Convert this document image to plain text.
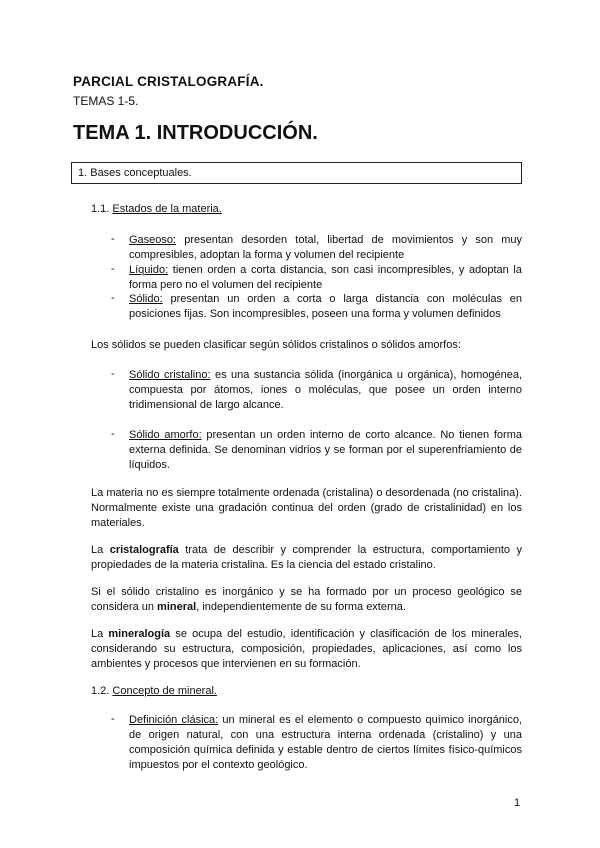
PARCIAL CRISTALOGRAFÍA.

TEMAS 1-5.

TEMA 1. INTRODUCCIÓN.
1. Bases conceptuales.

1.1. Estados de la materia.

- Gaseoso: presentan desorden total, libertad de movimientos y son muy compresibles, adoptan la forma y volumen del recipiente

- Líquido: tienen orden a corta distancia, son casi incompresibles, y adoptan la forma pero no el volumen del recipiente

- Sólido: presentan un orden a corta o larga distancia con moléculas en posiciones fijas. Son incompresibles, poseen una forma y volumen definidos

Los sólidos se pueden clasificar según sólidos cristalinos o sólidos amorfos:

- Sólido cristalino: es una sustancia sólida (inorgánica u orgánica), homogénea, compuesta por átomos, iones o moléculas, que posee un orden interno tridimensional de largo alcance.

- Sólido amorfo: presentan un orden interno de corto alcance. No tienen forma externa definida. Se denominan vidrios y se forman por el superenfriamiento de líquidos.

La materia no es siempre totalmente ordenada (cristalina) o desordenada (no cristalina). Normalmente existe una gradación continua del orden (grado de cristalinidad) en los materiales.

La cristalografía trata de describir y comprender la estructura, comportamiento y propiedades de la materia cristalina. Es la ciencia del estado cristalino.

Si el sólido cristalino es inorgánico y se ha formado por un proceso geológico se considera un mineral, independientemente de su forma externa.

La mineralogía se ocupa del estudio, identificación y clasificación de los minerales, considerando su estructura, composición, propiedades, aplicaciones, así como los ambientes y procesos que intervienen en su formación.

1.2. Concepto de mineral.

- Definición clásica: un mineral es el elemento o compuesto químico inorgánico, de origen natural, con una estructura interna ordenada (cristalino) y una composición química definida y estable dentro de ciertos límites físico-químicos impuestos por el contexto geológico.

1
